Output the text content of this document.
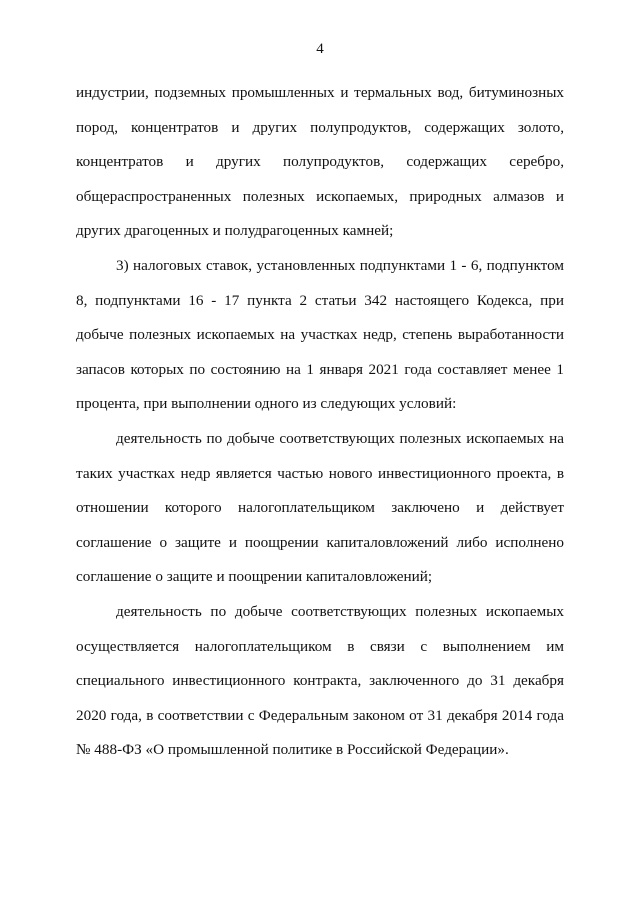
4

индустрии, подземных промышленных и термальных вод, битуминозных пород, концентратов и других полупродуктов, содержащих золото, концентратов и других полупродуктов, содержащих серебро, общераспространенных полезных ископаемых, природных алмазов и других драгоценных и полудрагоценных камней;

3) налоговых ставок, установленных подпунктами 1 - 6, подпунктом 8, подпунктами 16 - 17 пункта 2 статьи 342 настоящего Кодекса, при добыче полезных ископаемых на участках недр, степень выработанности запасов которых по состоянию на 1 января 2021 года составляет менее 1 процента, при выполнении одного из следующих условий:

деятельность по добыче соответствующих полезных ископаемых на таких участках недр является частью нового инвестиционного проекта, в отношении которого налогоплательщиком заключено и действует соглашение о защите и поощрении капиталовложений либо исполнено соглашение о защите и поощрении капиталовложений;

деятельность по добыче соответствующих полезных ископаемых осуществляется налогоплательщиком в связи с выполнением им специального инвестиционного контракта, заключенного до 31 декабря 2020 года, в соответствии с Федеральным законом от 31 декабря 2014 года № 488-ФЗ «О промышленной политике в Российской Федерации».
